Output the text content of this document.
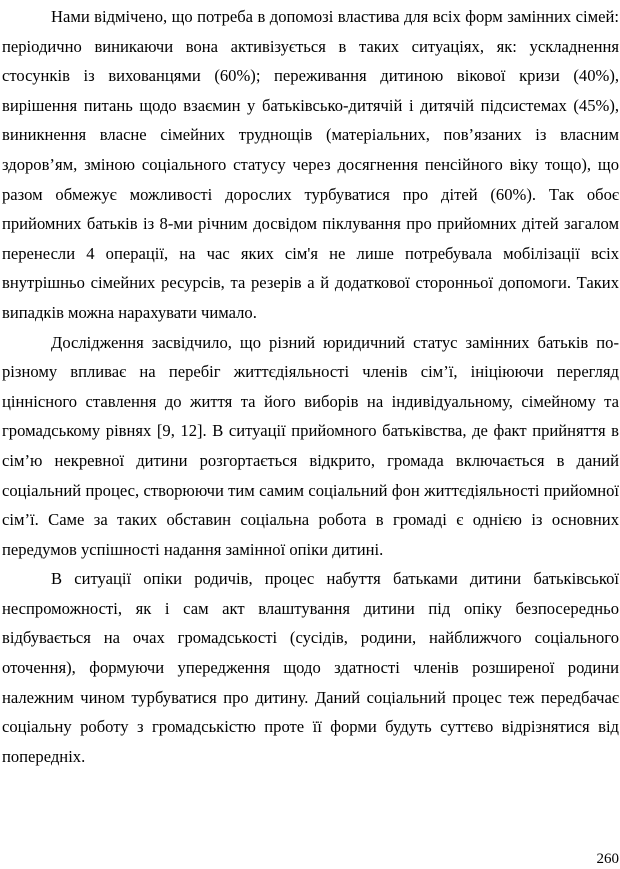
Нами відмічено, що потреба в допомозі властива для всіх форм замінних сімей: періодично виникаючи вона активізується в таких ситуаціях, як: ускладнення стосунків із вихованцями (60%); переживання дитиною вікової кризи (40%), вирішення питань щодо взаємин у батьківсько-дитячій і дитячій підсистемах (45%), виникнення власне сімейних труднощів (матеріальних, пов’язаних із власним здоров’ям, зміною соціального статусу через досягнення пенсійного віку тощо), що разом обмежує можливості дорослих турбуватися про дітей (60%). Так обоє прийомних батьків із 8-ми річним досвідом піклування про прийомних дітей загалом перенесли 4 операції, на час яких сім'я не лише потребувала мобілізації всіх внутрішньо сімейних ресурсів, та резерів а й додаткової сторонньої допомоги. Таких випадків можна нарахувати чимало.

Дослідження засвідчило, що різний юридичний статус замінних батьків по-різному впливає на перебіг життєдіяльності членів сім’ї, ініціюючи перегляд ціннісного ставлення до життя та його виборів на індивідуальному, сімейному та громадському рівнях [9, 12]. В ситуації прийомного батьківства, де факт прийняття в сім’ю некревної дитини розгортається відкрито, громада включається в даний соціальний процес, створюючи тим самим соціальний фон життєдіяльності прийомної сім’ї. Саме за таких обставин соціальна робота в громаді є однією із основних передумов успішності надання замінної опіки дитині.

В ситуації опіки родичів, процес набуття батьками дитини батьківської неспроможності, як і сам акт влаштування дитини під опіку безпосередньо відбувається на очах громадськості (сусідів, родини, найближчого соціального оточення), формуючи упередження щодо здатності членів розширеної родини належним чином турбуватися про дитину. Даний соціальний процес теж передбачає соціальну роботу з громадськістю проте її форми будуть суттєво відрізнятися від попередніх.

260
